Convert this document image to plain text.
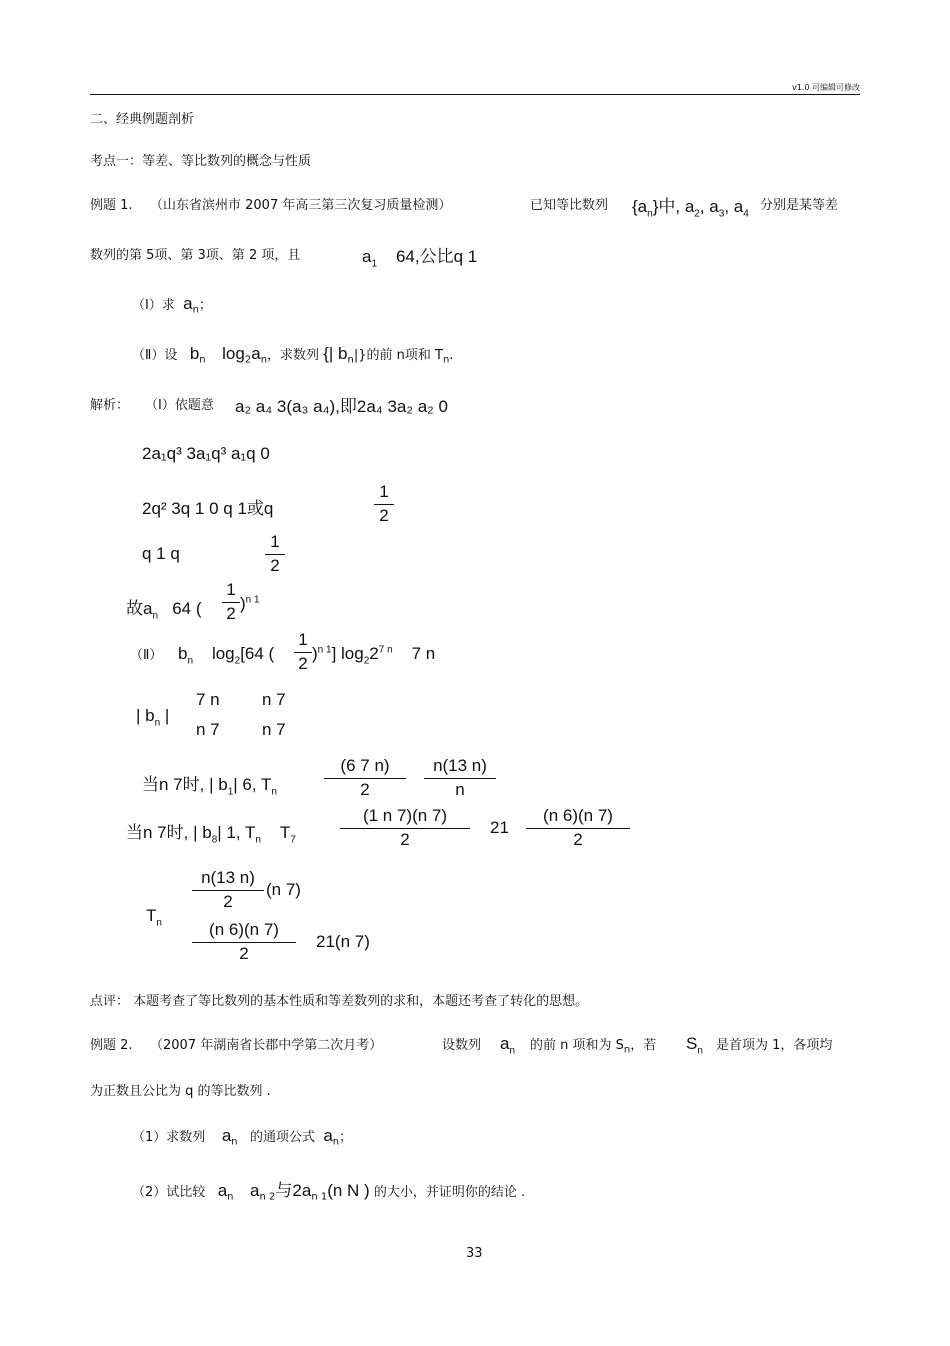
v1.0 可编辑可修改
二、经典例题剖析
考点一：等差、等比数列的概念与性质
例题 1. （山东省滨州市 2007 年高三第三次复习质量检测）	已知等比数列 $\{a_n\}$中, $a_2$, $a_3$, $a_4$
分别是某等差
数列的第 5项、第 3项、第 2 项，且	$a_1$ 64,公比q 1
（Ⅰ）求 $a_n$；
（Ⅱ）设 $b_n$ $\log_2a_n$，求数列 {| $b_n|$}的前 n项和 $T_n$.
解析： （Ⅰ）依题意 a₂ a₄ 3(a₃ a₄),即2a₄ 3a₂ a₂ 0
2a₁q³ 3a₁q³ a₁q 0
2q² 3q 1 0 q 1或q	$\frac{1}{2}$
q 1 q	$\frac{1}{2}$
故$a_n$ 64 ( $\frac{1}{2} )^{n 1}$
（Ⅱ） $b_n$ $\log_2[64$ ( $\frac{1}{2} )^{n 1}$] $\log_22^{7 n}$ 7 n
| $b_n$ |
7 n n 7
n 7 n 7
当n 7时, | $b_1|$ 6, $T_n$	$\frac{(6 7 n)}{2} \frac{n(13 n)}{n}$
当n 7时, | $b_8|$ 1, $T_n$ $T_7$	$\frac{(1 n 7)(n 7)}{2} 21 \frac{(n 6)(n 7)}{2}$
$T_n$
$\frac{n(13 n)}{2} (n$ 7)
$\frac{(n 6)(n 7)}{2} 21(n$ 7)
点评： 本题考查了等比数列的基本性质和等差数列的求和，本题还考查了转化的思想。
例题 2. （2007 年湖南省长郡中学第二次月考）	设数列 $a_n$ 的前 n 项和为 $S_n$，若 $S_n$ 是首项为 1，各项均
为正数且公比为 q 的等比数列 .
（1）求数列 $a_n$ 的通项公式 $a_n$；
（2）试比较 $a_n$ $a_{n 2}$与$2a_{n 1}(n$ N ) 的大小，并证明你的结论 .
33
